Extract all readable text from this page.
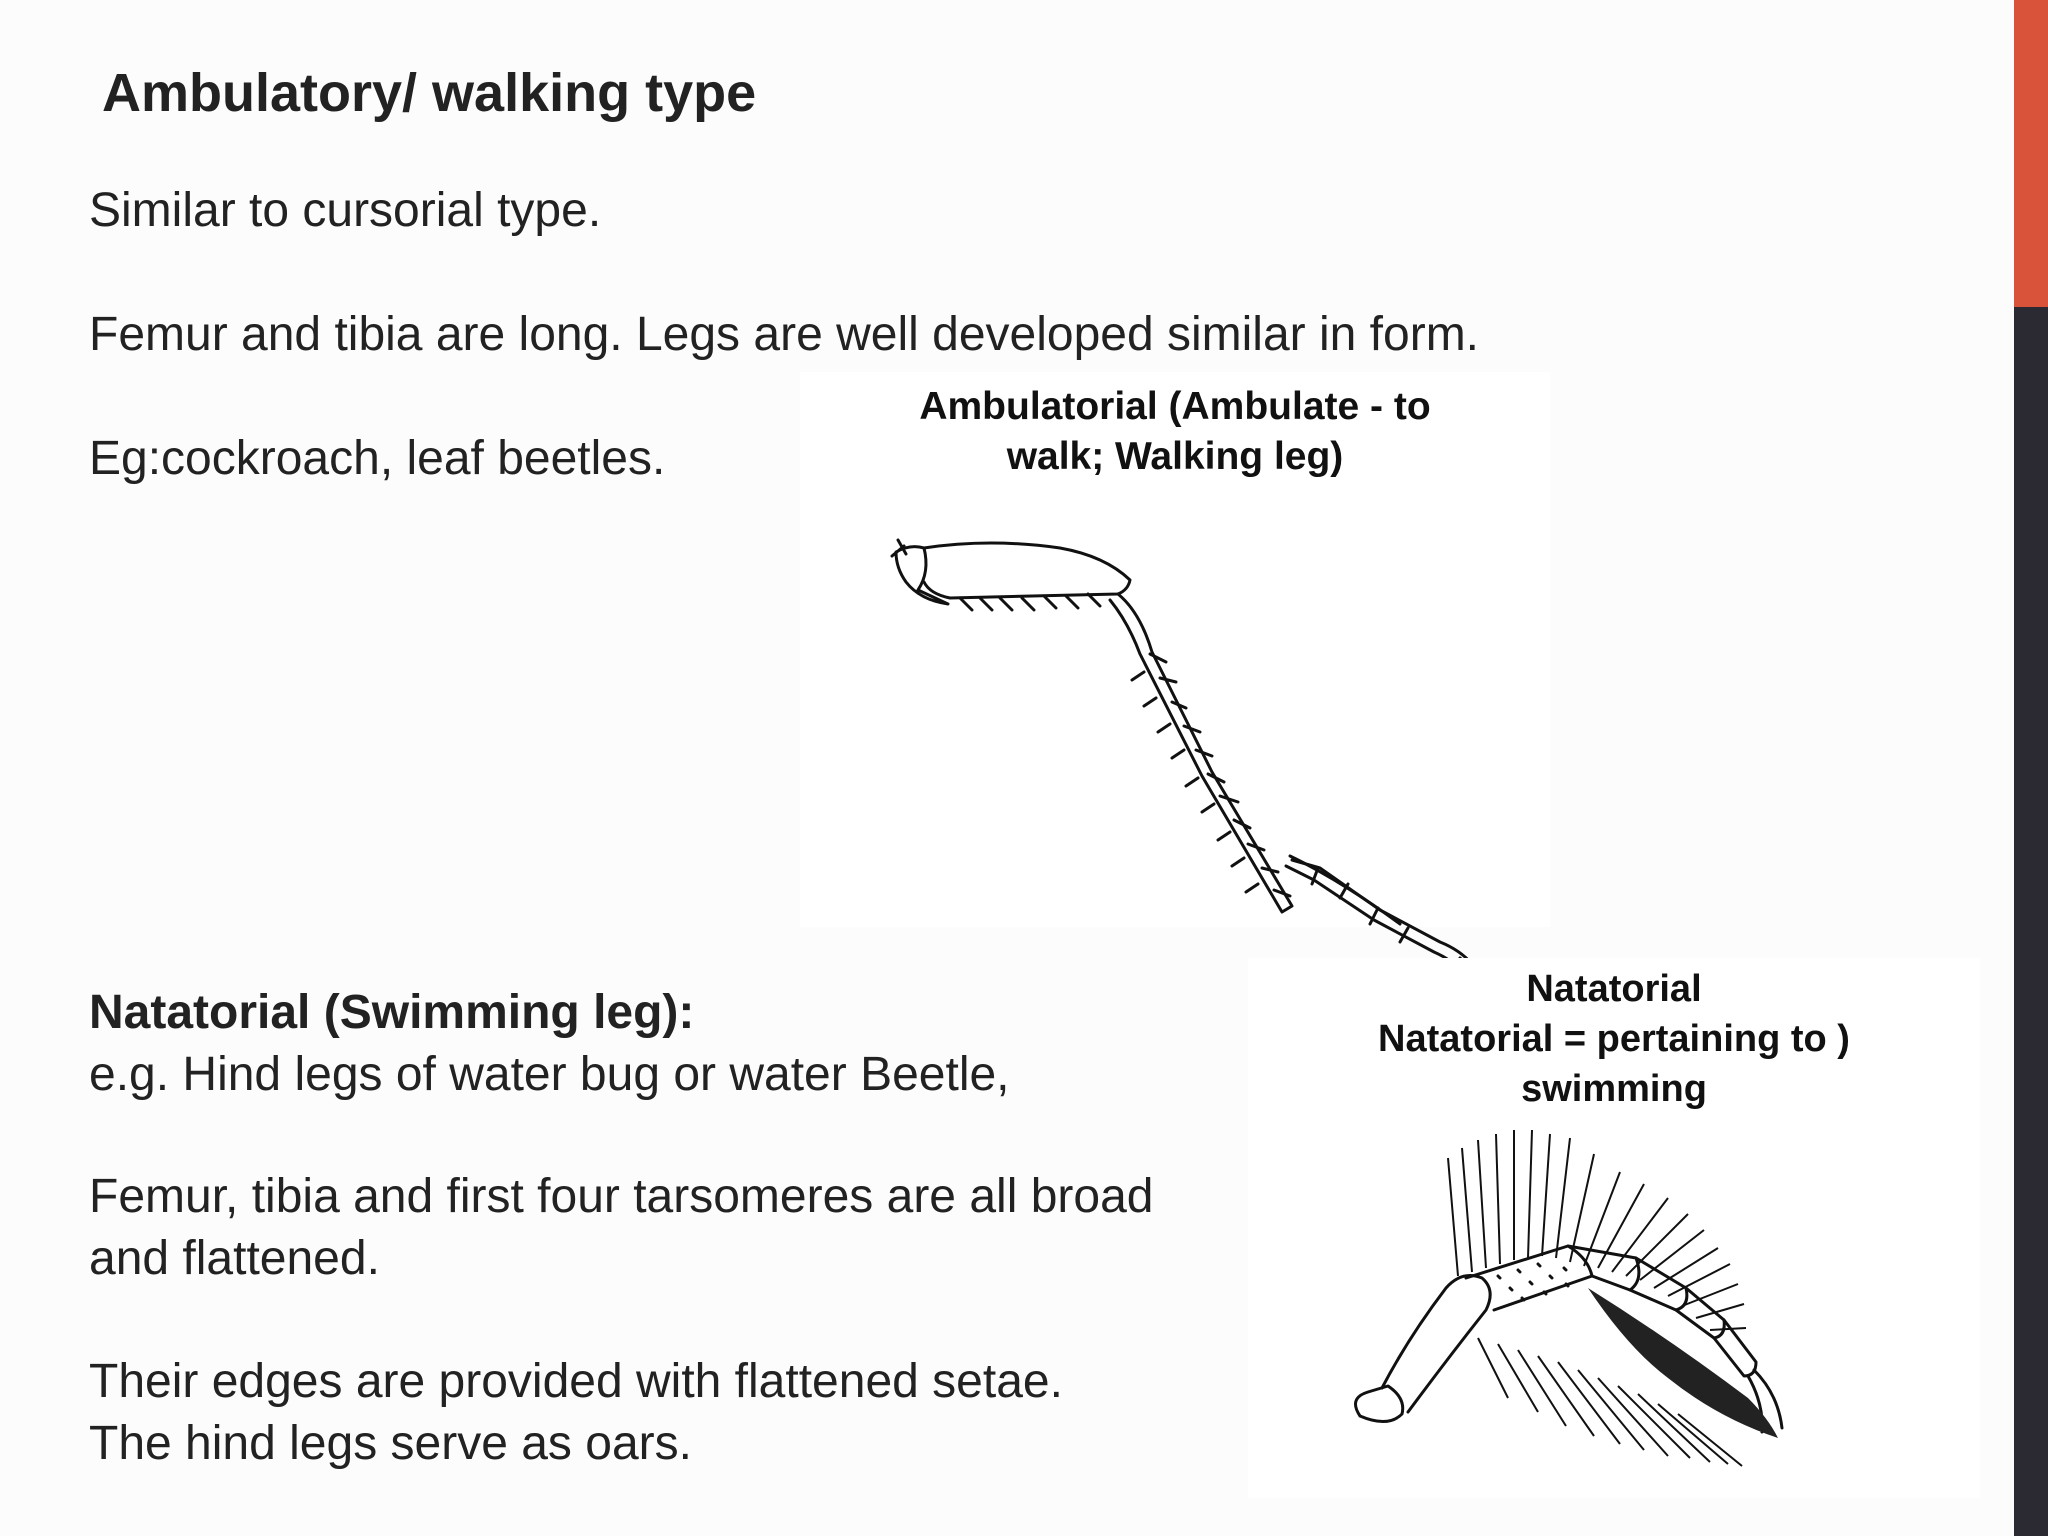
Ambulatory/ walking type

Similar to cursorial type.

Femur and tibia are long. Legs are well developed similar in form.

Eg:cockroach, leaf beetles.

Ambulatorial (Ambulate - to
walk; Walking leg)

Natatorial (Swimming leg):

e.g. Hind legs of water bug or water Beetle,

Femur, tibia and first four tarsomeres are all broad

and flattened.

Their edges are provided with flattened setae.

The hind legs serve as oars.

Natatorial
Natatorial = pertaining to )
swimming
